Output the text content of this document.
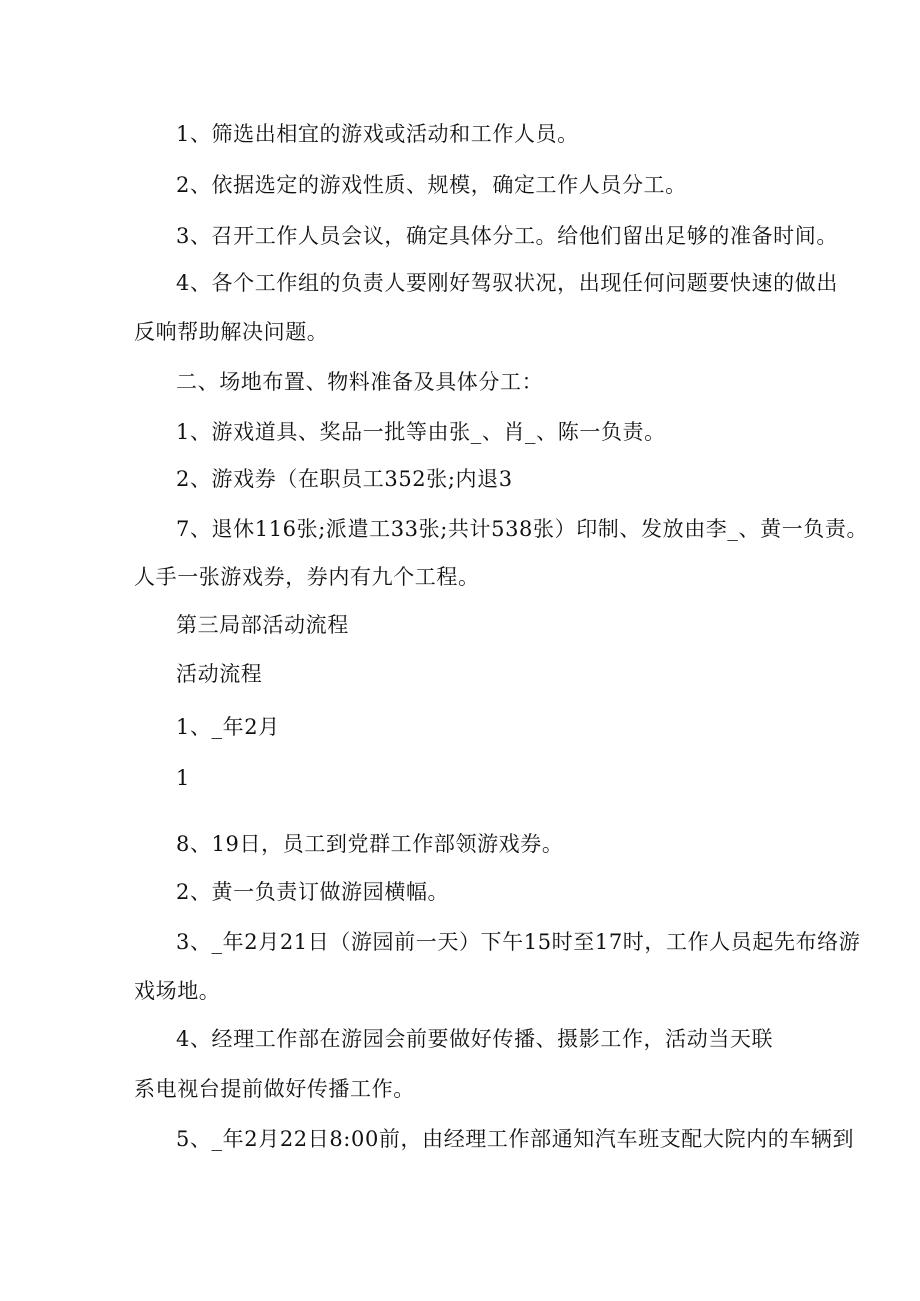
1、筛选出相宜的游戏或活动和工作人员。
2、依据选定的游戏性质、规模，确定工作人员分工。
3、召开工作人员会议，确定具体分工。给他们留出足够的准备时间。
4、各个工作组的负责人要刚好驾驭状况，出现任何问题要快速的做出
反响帮助解决问题。
二、场地布置、物料准备及具体分工：
1、游戏道具、奖品一批等由张_、肖_、陈一负责。
2、游戏券（在职员工352张;内退3
7、退休116张;派遣工33张;共计538张）印制、发放由李_、黄一负责。
人手一张游戏券，券内有九个工程。
第三局部活动流程
活动流程
1、_年2月
1
8、19日，员工到党群工作部领游戏券。
2、黄一负责订做游园横幅。
3、_年2月21日（游园前一天）下午15时至17时，工作人员起先布络游
戏场地。
4、经理工作部在游园会前要做好传播、摄影工作，活动当天联
系电视台提前做好传播工作。
5、_年2月22日8:00前，由经理工作部通知汽车班支配大院内的车辆到
